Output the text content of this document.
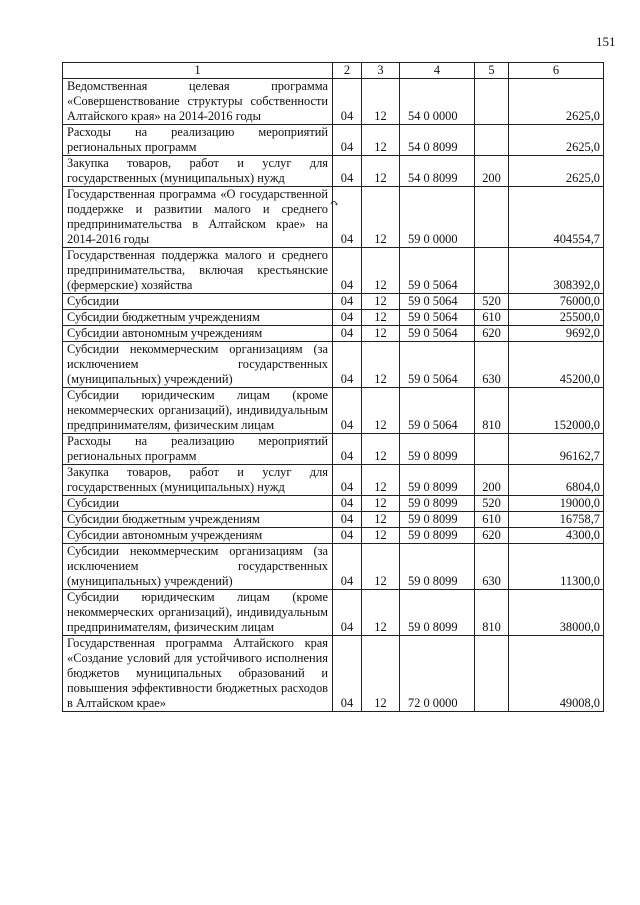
151
↷
1	2	3	4	5	6
Ведомственная целевая программа «Совершенствование структуры собственности Алтайского края» на 2014-2016 годы	04	12	54 0 0000		2625,0
Расходы на реализацию мероприятий региональных программ	04	12	54 0 8099		2625,0
Закупка товаров, работ и услуг для государственных (муниципальных) нужд	04	12	54 0 8099	200	2625,0
Государственная программа «О государственной поддержке и развитии малого и среднего предпринимательства в Алтайском крае» на 2014-2016 годы	04	12	59 0 0000		404554,7
Государственная поддержка малого и среднего предпринимательства, включая крестьянские (фермерские) хозяйства	04	12	59 0 5064		308392,0
Субсидии	04	12	59 0 5064	520	76000,0
Субсидии бюджетным учреждениям	04	12	59 0 5064	610	25500,0
Субсидии автономным учреждениям	04	12	59 0 5064	620	9692,0
Субсидии некоммерческим организациям (за исключением государственных (муниципальных) учреждений)	04	12	59 0 5064	630	45200,0
Субсидии юридическим лицам (кроме некоммерческих организаций), индивидуальным предпринимателям, физическим лицам	04	12	59 0 5064	810	152000,0
Расходы на реализацию мероприятий региональных программ	04	12	59 0 8099		96162,7
Закупка товаров, работ и услуг для государственных (муниципальных) нужд	04	12	59 0 8099	200	6804,0
Субсидии	04	12	59 0 8099	520	19000,0
Субсидии бюджетным учреждениям	04	12	59 0 8099	610	16758,7
Субсидии автономным учреждениям	04	12	59 0 8099	620	4300,0
Субсидии некоммерческим организациям (за исключением государственных (муниципальных) учреждений)	04	12	59 0 8099	630	11300,0
Субсидии юридическим лицам (кроме некоммерческих организаций), индивидуальным предпринимателям, физическим лицам	04	12	59 0 8099	810	38000,0
Государственная программа Алтайского края «Создание условий для устойчивого исполнения бюджетов муниципальных образований и повышения эффективности бюджетных расходов в Алтайском крае»	04	12	72 0 0000		49008,0
